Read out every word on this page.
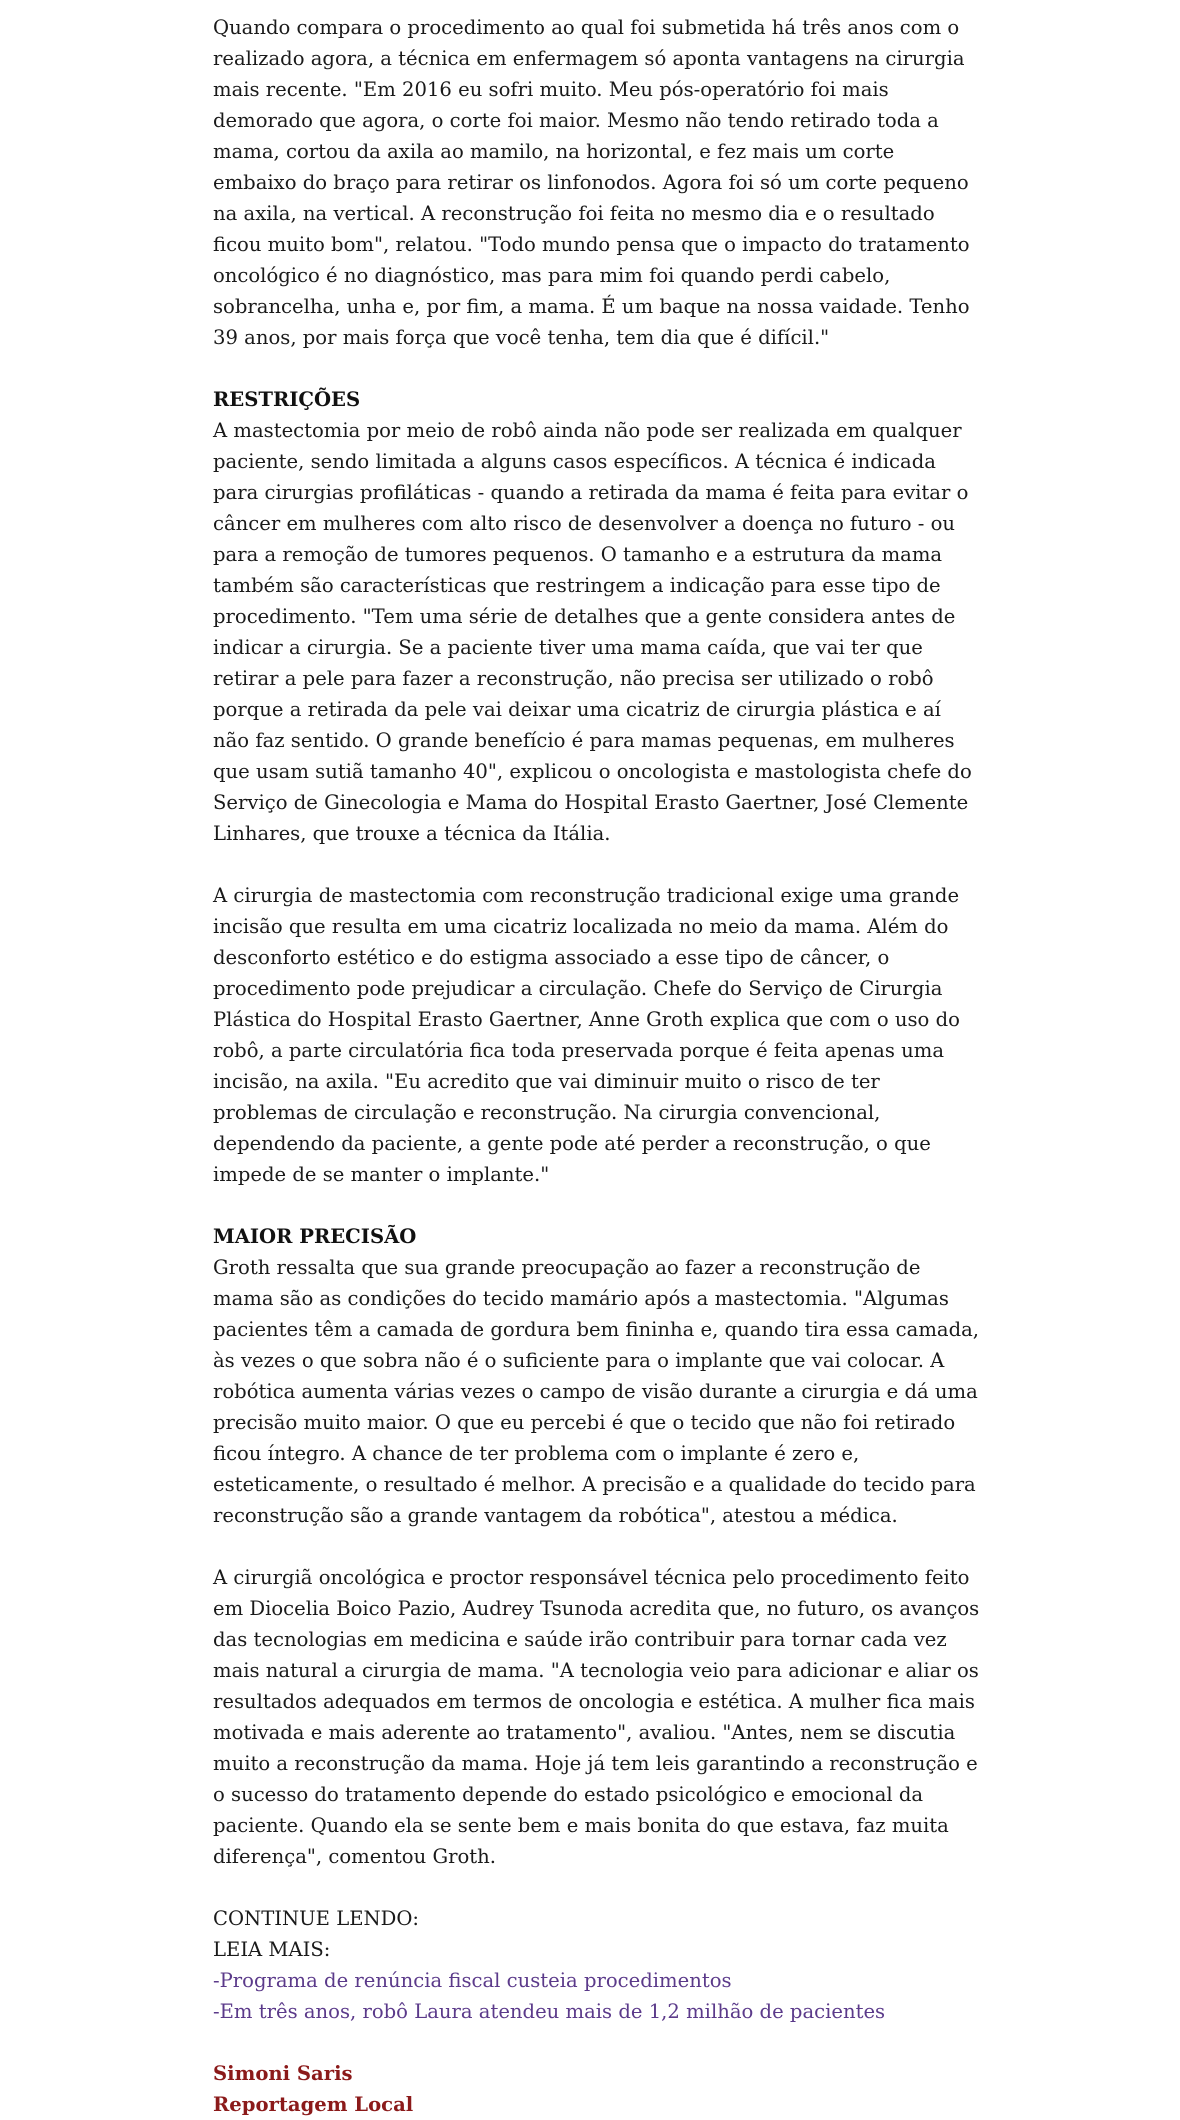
Quando compara o procedimento ao qual foi submetida há três anos com o realizado agora, a técnica em enfermagem só aponta vantagens na cirurgia mais recente. "Em 2016 eu sofri muito. Meu pós-operatório foi mais demorado que agora, o corte foi maior. Mesmo não tendo retirado toda a mama, cortou da axila ao mamilo, na horizontal, e fez mais um corte embaixo do braço para retirar os linfonodos. Agora foi só um corte pequeno na axila, na vertical. A reconstrução foi feita no mesmo dia e o resultado ficou muito bom", relatou. "Todo mundo pensa que o impacto do tratamento oncológico é no diagnóstico, mas para mim foi quando perdi cabelo, sobrancelha, unha e, por fim, a mama. É um baque na nossa vaidade. Tenho 39 anos, por mais força que você tenha, tem dia que é difícil."

RESTRIÇÕES

A mastectomia por meio de robô ainda não pode ser realizada em qualquer paciente, sendo limitada a alguns casos específicos. A técnica é indicada para cirurgias profiláticas - quando a retirada da mama é feita para evitar o câncer em mulheres com alto risco de desenvolver a doença no futuro - ou para a remoção de tumores pequenos. O tamanho e a estrutura da mama também são características que restringem a indicação para esse tipo de procedimento. "Tem uma série de detalhes que a gente considera antes de indicar a cirurgia. Se a paciente tiver uma mama caída, que vai ter que retirar a pele para fazer a reconstrução, não precisa ser utilizado o robô porque a retirada da pele vai deixar uma cicatriz de cirurgia plástica e aí não faz sentido. O grande benefício é para mamas pequenas, em mulheres que usam sutiã tamanho 40", explicou o oncologista e mastologista chefe do Serviço de Ginecologia e Mama do Hospital Erasto Gaertner, José Clemente Linhares, que trouxe a técnica da Itália.

A cirurgia de mastectomia com reconstrução tradicional exige uma grande incisão que resulta em uma cicatriz localizada no meio da mama. Além do desconforto estético e do estigma associado a esse tipo de câncer, o procedimento pode prejudicar a circulação. Chefe do Serviço de Cirurgia Plástica do Hospital Erasto Gaertner, Anne Groth explica que com o uso do robô, a parte circulatória fica toda preservada porque é feita apenas uma incisão, na axila. "Eu acredito que vai diminuir muito o risco de ter problemas de circulação e reconstrução. Na cirurgia convencional, dependendo da paciente, a gente pode até perder a reconstrução, o que impede de se manter o implante."

MAIOR PRECISÃO

Groth ressalta que sua grande preocupação ao fazer a reconstrução de mama são as condições do tecido mamário após a mastectomia. "Algumas pacientes têm a camada de gordura bem fininha e, quando tira essa camada, às vezes o que sobra não é o suficiente para o implante que vai colocar. A robótica aumenta várias vezes o campo de visão durante a cirurgia e dá uma precisão muito maior. O que eu percebi é que o tecido que não foi retirado ficou íntegro. A chance de ter problema com o implante é zero e, esteticamente, o resultado é melhor. A precisão e a qualidade do tecido para reconstrução são a grande vantagem da robótica", atestou a médica.

A cirurgiã oncológica e proctor responsável técnica pelo procedimento feito em Diocelia Boico Pazio, Audrey Tsunoda acredita que, no futuro, os avanços das tecnologias em medicina e saúde irão contribuir para tornar cada vez mais natural a cirurgia de mama. "A tecnologia veio para adicionar e aliar os resultados adequados em termos de oncologia e estética. A mulher fica mais motivada e mais aderente ao tratamento", avaliou. "Antes, nem se discutia muito a reconstrução da mama. Hoje já tem leis garantindo a reconstrução e o sucesso do tratamento depende do estado psicológico e emocional da paciente. Quando ela se sente bem e mais bonita do que estava, faz muita diferença", comentou Groth.

CONTINUE LENDO:
LEIA MAIS:
-Programa de renúncia fiscal custeia procedimentos
-Em três anos, robô Laura atendeu mais de 1,2 milhão de pacientes
Simoni Saris
Reportagem Local
